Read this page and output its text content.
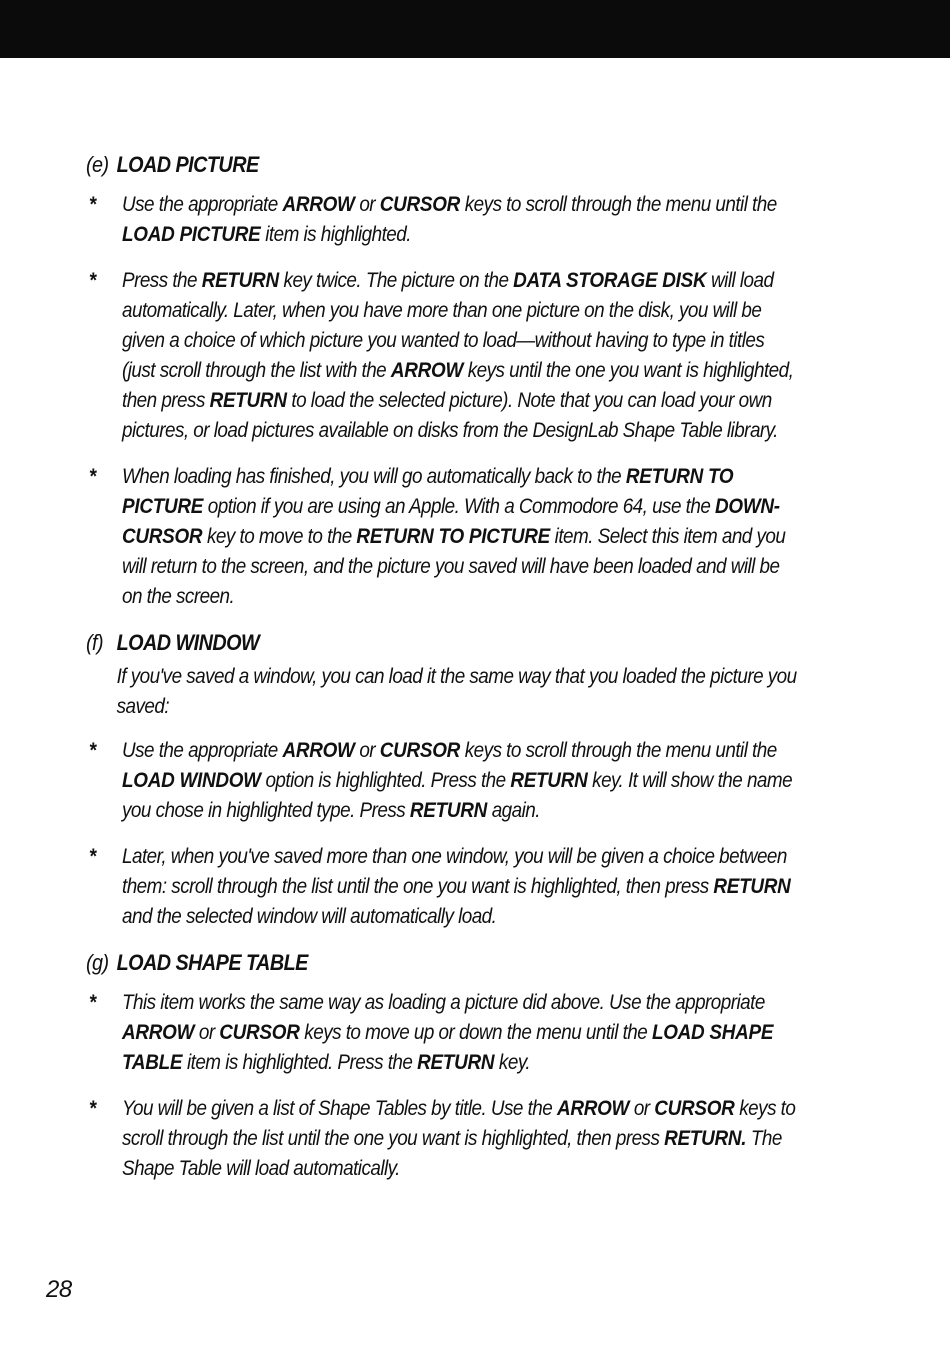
(e) LOAD PICTURE
* Use the appropriate ARROW or CURSOR keys to scroll through the menu until the LOAD PICTURE item is highlighted.
* Press the RETURN key twice. The picture on the DATA STORAGE DISK will load automatically. Later, when you have more than one picture on the disk, you will be given a choice of which picture you wanted to load—without having to type in titles (just scroll through the list with the ARROW keys until the one you want is highlighted, then press RETURN to load the selected picture). Note that you can load your own pictures, or load pictures available on disks from the DesignLab Shape Table library.
* When loading has finished, you will go automatically back to the RETURN TO PICTURE option if you are using an Apple. With a Commodore 64, use the DOWN-CURSOR key to move to the RETURN TO PICTURE item. Select this item and you will return to the screen, and the picture you saved will have been loaded and will be on the screen.
(f) LOAD WINDOW
If you've saved a window, you can load it the same way that you loaded the picture you saved:
* Use the appropriate ARROW or CURSOR keys to scroll through the menu until the LOAD WINDOW option is highlighted. Press the RETURN key. It will show the name you chose in highlighted type. Press RETURN again.
* Later, when you've saved more than one window, you will be given a choice between them: scroll through the list until the one you want is highlighted, then press RETURN and the selected window will automatically load.
(g) LOAD SHAPE TABLE
* This item works the same way as loading a picture did above. Use the appropriate ARROW or CURSOR keys to move up or down the menu until the LOAD SHAPE TABLE item is highlighted. Press the RETURN key.
* You will be given a list of Shape Tables by title. Use the ARROW or CURSOR keys to scroll through the list until the one you want is highlighted, then press RETURN. The Shape Table will load automatically.
28
